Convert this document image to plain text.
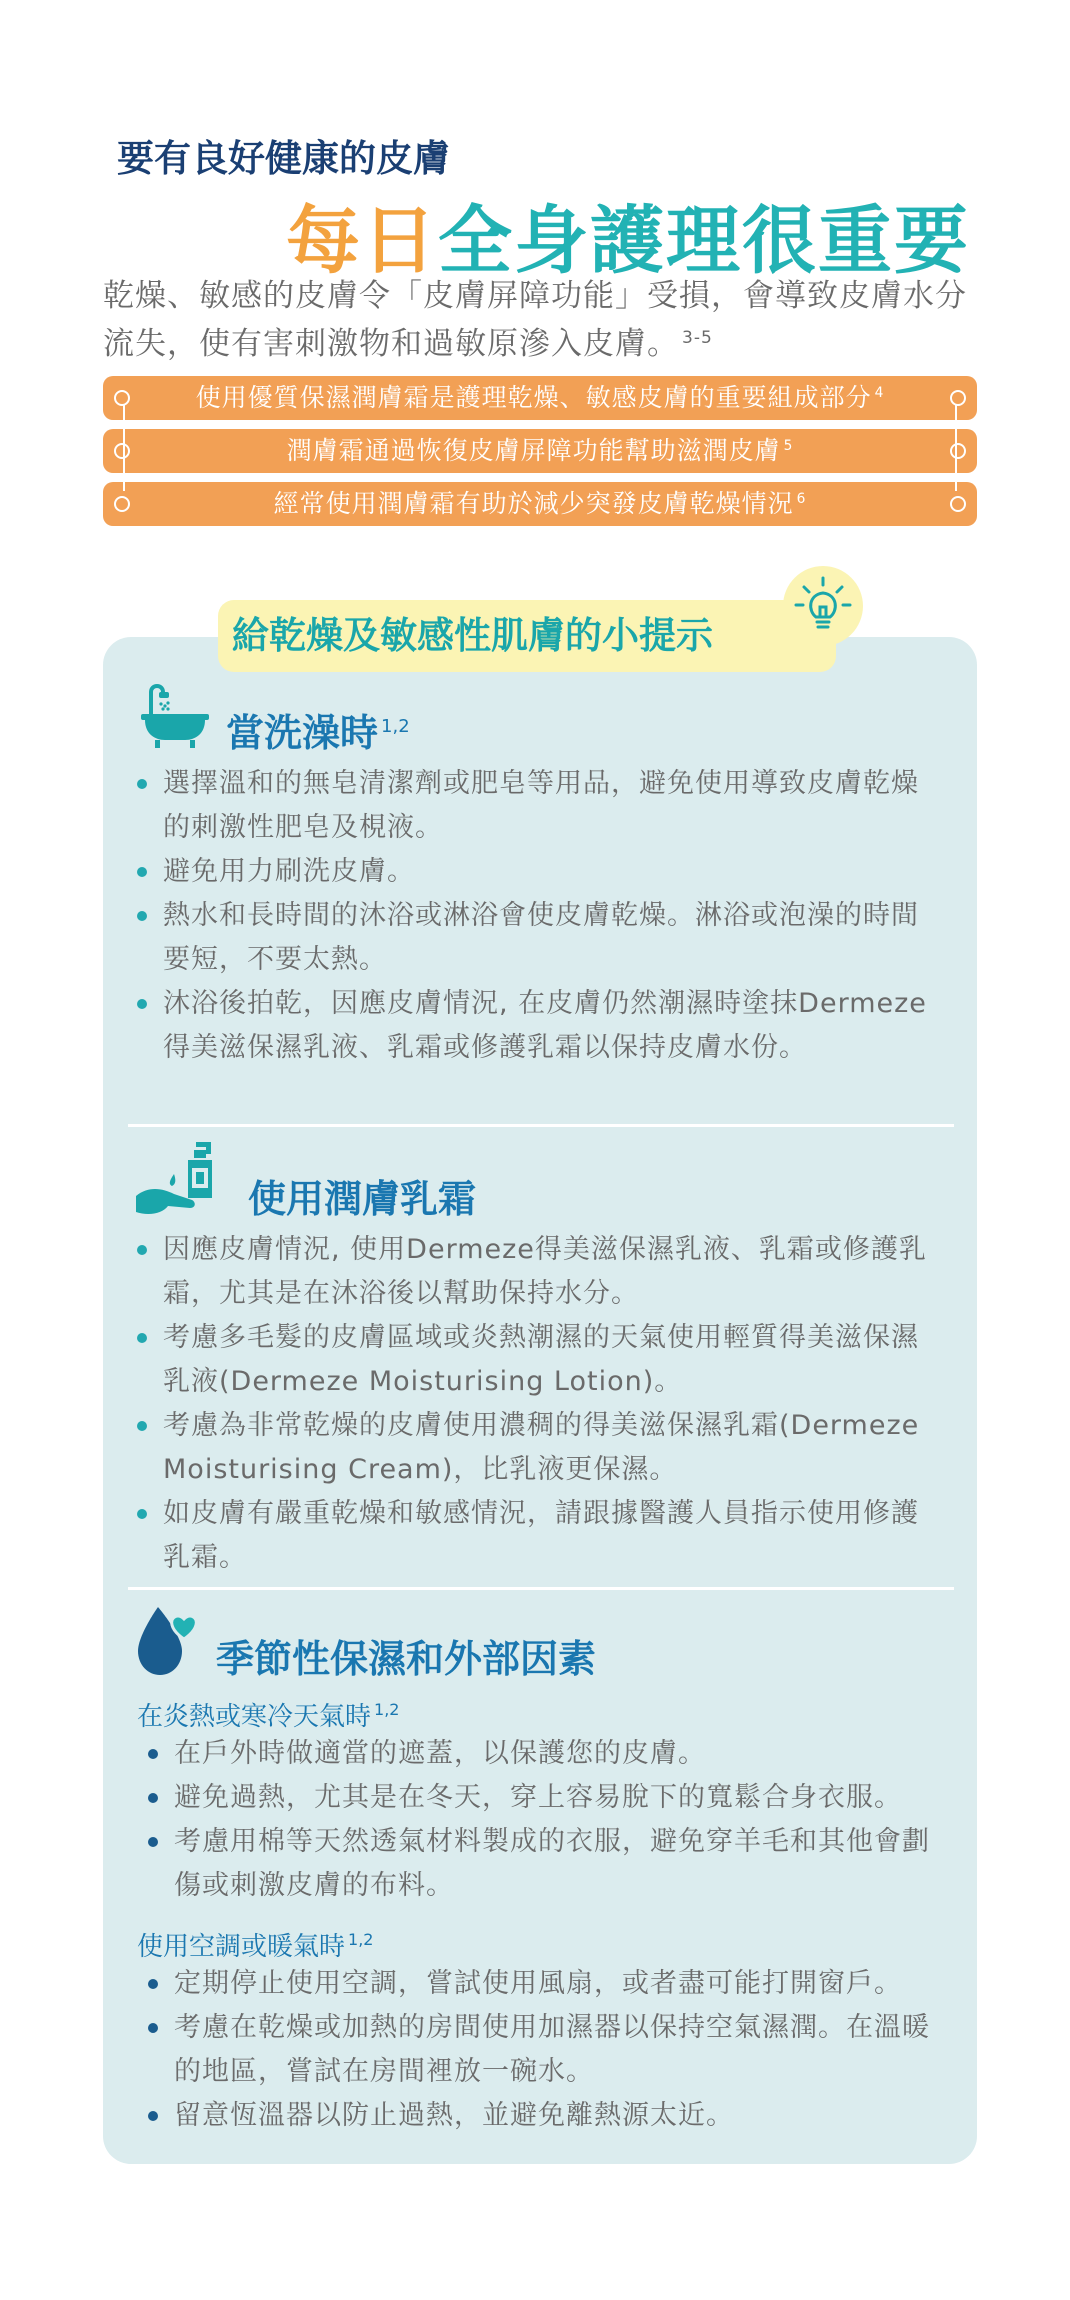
要有良好健康的皮膚
每日全身護理很重要
乾燥、敏感的皮膚令「皮膚屏障功能」受損，會導致皮膚水分流失，使有害刺激物和過敏原滲入皮膚。 $^{3-5}$
使用優質保濕潤膚霜是護理乾燥、敏感皮膚的重要組成部分 $^4$
潤膚霜通過恢復皮膚屏障功能幫助滋潤皮膚 $^5$
經常使用潤膚霜有助於減少突發皮膚乾燥情況 $^6$
給乾燥及敏感性肌膚的小提示
當洗澡時 $^{1,2}$
選擇溫和的無皂清潔劑或肥皂等用品，避免使用導致皮膚乾燥的刺激性肥皂及梘液。
避免用力刷洗皮膚。
熱水和長時間的沐浴或淋浴會使皮膚乾燥。淋浴或泡澡的時間要短，不要太熱。
沐浴後拍乾，因應皮膚情況, 在皮膚仍然潮濕時塗抹Dermeze得美滋保濕乳液、乳霜或修護乳霜以保持皮膚水份。
使用潤膚乳霜
因應皮膚情況, 使用Dermeze得美滋保濕乳液、乳霜或修護乳霜，尤其是在沐浴後以幫助保持水分。
考慮多毛髮的皮膚區域或炎熱潮濕的天氣使用輕質得美滋保濕乳液(Dermeze Moisturising Lotion)。
考慮為非常乾燥的皮膚使用濃稠的得美滋保濕乳霜(Dermeze Moisturising Cream)，比乳液更保濕。
如皮膚有嚴重乾燥和敏感情況，請跟據醫護人員指示使用修護乳霜。
季節性保濕和外部因素
在炎熱或寒冷天氣時 $^{1,2}$
在戶外時做適當的遮蓋，以保護您的皮膚。
避免過熱，尤其是在冬天，穿上容易脫下的寬鬆合身衣服。
考慮用棉等天然透氣材料製成的衣服，避免穿羊毛和其他會劃傷或刺激皮膚的布料。
使用空調或暖氣時 $^{1,2}$
定期停止使用空調，嘗試使用風扇，或者盡可能打開窗戶。
考慮在乾燥或加熱的房間使用加濕器以保持空氣濕潤。在溫暖的地區，嘗試在房間裡放一碗水。
留意恆溫器以防止過熱，並避免離熱源太近。
